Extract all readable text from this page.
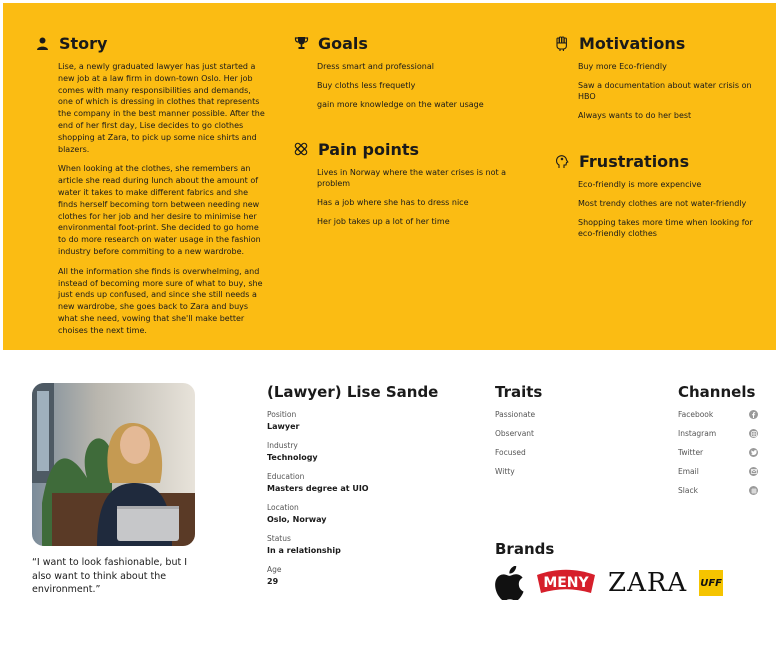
Story

Lise, a newly graduated lawyer has just started a new job at a law firm in down-town Oslo. Her job comes with many responsibilities and demands, one of which is dressing in clothes that represents the company in the best manner possible. After the end of her first day, Lise decides to go clothes shopping at Zara, to pick up some nice shirts and blazers.

When looking at the clothes, she remembers an article she read during lunch about the amount of water it takes to make different fabrics and she finds herself becoming torn between needing new clothes for her job and her desire to minimise her environmental foot-print. She decided to go home to do more research on water usage in the fashion industry before commiting to a new wardrobe.

All the information she finds is overwhelming, and instead of becoming more sure of what to buy, she just ends up confused, and since she still needs a new wardrobe, she goes back to Zara and buys what she need, vowing that she'll make better choises the next time.

Goals

Dress smart and professional

Buy cloths less frequetly

gain more knowledge on the water usage

Pain points

Lives in Norway where the water crises is not a problem

Has a job where she has to dress nice

Her job takes up a lot of her time

Motivations

Buy more Eco-friendly

Saw a documentation about water crisis on HBO

Always wants to do her best

Frustrations

Eco-friendly is more expencive

Most trendy clothes are not water-friendly

Shopping takes more time when looking for eco-friendly clothes

“I want to look fashionable, but I also want to think about the environment.”

(Lawyer) Lise Sande
Position
Lawyer
Industry
Technology
Education
Masters degree at UIO
Location
Oslo, Norway
Status
In a relationship
Age
29
Traits
Passionate
Observant
Focused
Witty
Channels
Facebook
Instagram
Twitter
Email
Slack
Brands
MENY ZARA UFF
